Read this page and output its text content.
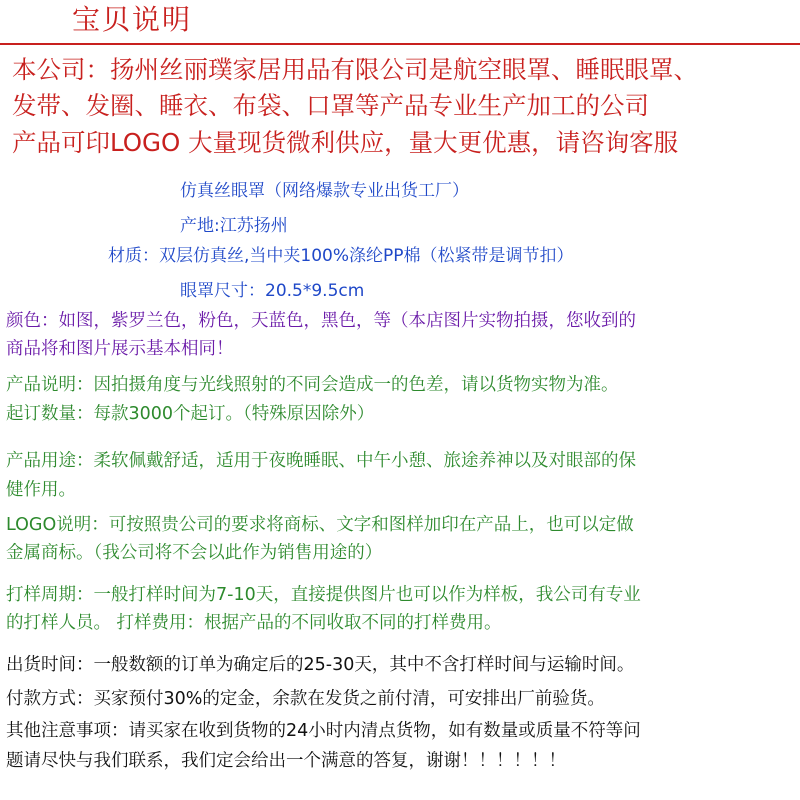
宝贝说明
本公司：扬州丝丽璞家居用品有限公司是航空眼罩、睡眠眼罩、
发带、发圈、睡衣、布袋、口罩等产品专业生产加工的公司
产品可印LOGO 大量现货微利供应，量大更优惠，请咨询客服
仿真丝眼罩（网络爆款专业出货工厂）
产地:江苏扬州
材质：双层仿真丝,当中夹100%涤纶PP棉（松紧带是调节扣）
眼罩尺寸：20.5*9.5cm
颜色：如图，紫罗兰色，粉色，天蓝色，黑色，等（本店图片实物拍摄，您收到的
商品将和图片展示基本相同！
产品说明：因拍摄角度与光线照射的不同会造成一的色差，请以货物实物为准。
起订数量：每款3000个起订。（特殊原因除外）
产品用途：柔软佩戴舒适，适用于夜晚睡眠、中午小憩、旅途养神以及对眼部的保
健作用。
LOGO说明：可按照贵公司的要求将商标、文字和图样加印在产品上，也可以定做
金属商标。（我公司将不会以此作为销售用途的）
打样周期：一般打样时间为7-10天，直接提供图片也可以作为样板，我公司有专业
的打样人员。 打样费用：根据产品的不同收取不同的打样费用。
出货时间：一般数额的订单为确定后的25-30天，其中不含打样时间与运输时间。
付款方式：买家预付30%的定金，余款在发货之前付清，可安排出厂前验货。
其他注意事项：请买家在收到货物的24小时内清点货物，如有数量或质量不符等问
题请尽快与我们联系，我们定会给出一个满意的答复，谢谢！！！！！！
